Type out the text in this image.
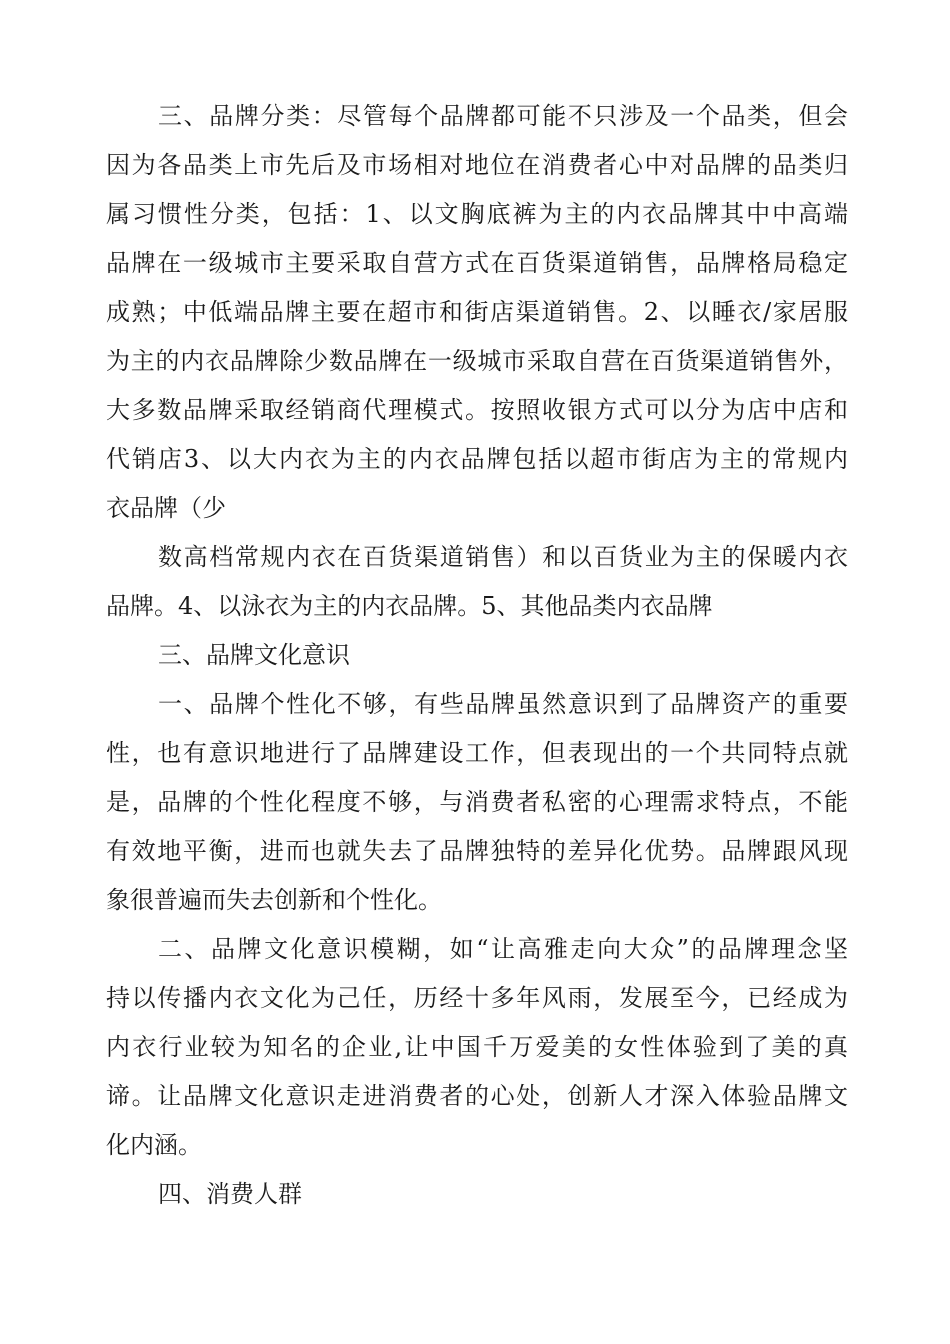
三、品牌分类：尽管每个品牌都可能不只涉及一个品类，但会
因为各品类上市先后及市场相对地位在消费者心中对品牌的品类归
属习惯性分类，包括：1、以文胸底裤为主的内衣品牌其中中高端
品牌在一级城市主要采取自营方式在百货渠道销售，品牌格局稳定
成熟；中低端品牌主要在超市和街店渠道销售。2、以睡衣/家居服
为主的内衣品牌除少数品牌在一级城市采取自营在百货渠道销售外，
大多数品牌采取经销商代理模式。按照收银方式可以分为店中店和
代销店3、以大内衣为主的内衣品牌包括以超市街店为主的常规内
衣品牌（少
数高档常规内衣在百货渠道销售）和以百货业为主的保暖内衣
品牌。4、以泳衣为主的内衣品牌。5、其他品类内衣品牌
三、品牌文化意识
一、品牌个性化不够，有些品牌虽然意识到了品牌资产的重要
性，也有意识地进行了品牌建设工作，但表现出的一个共同特点就
是，品牌的个性化程度不够，与消费者私密的心理需求特点，不能
有效地平衡，进而也就失去了品牌独特的差异化优势。品牌跟风现
象很普遍而失去创新和个性化。
二、品牌文化意识模糊，如“让高雅走向大众”的品牌理念坚
持以传播内衣文化为己任，历经十多年风雨，发展至今，已经成为
内衣行业较为知名的企业,让中国千万爱美的女性体验到了美的真
谛。让品牌文化意识走进消费者的心处，创新人才深入体验品牌文
化内涵。
四、消费人群
